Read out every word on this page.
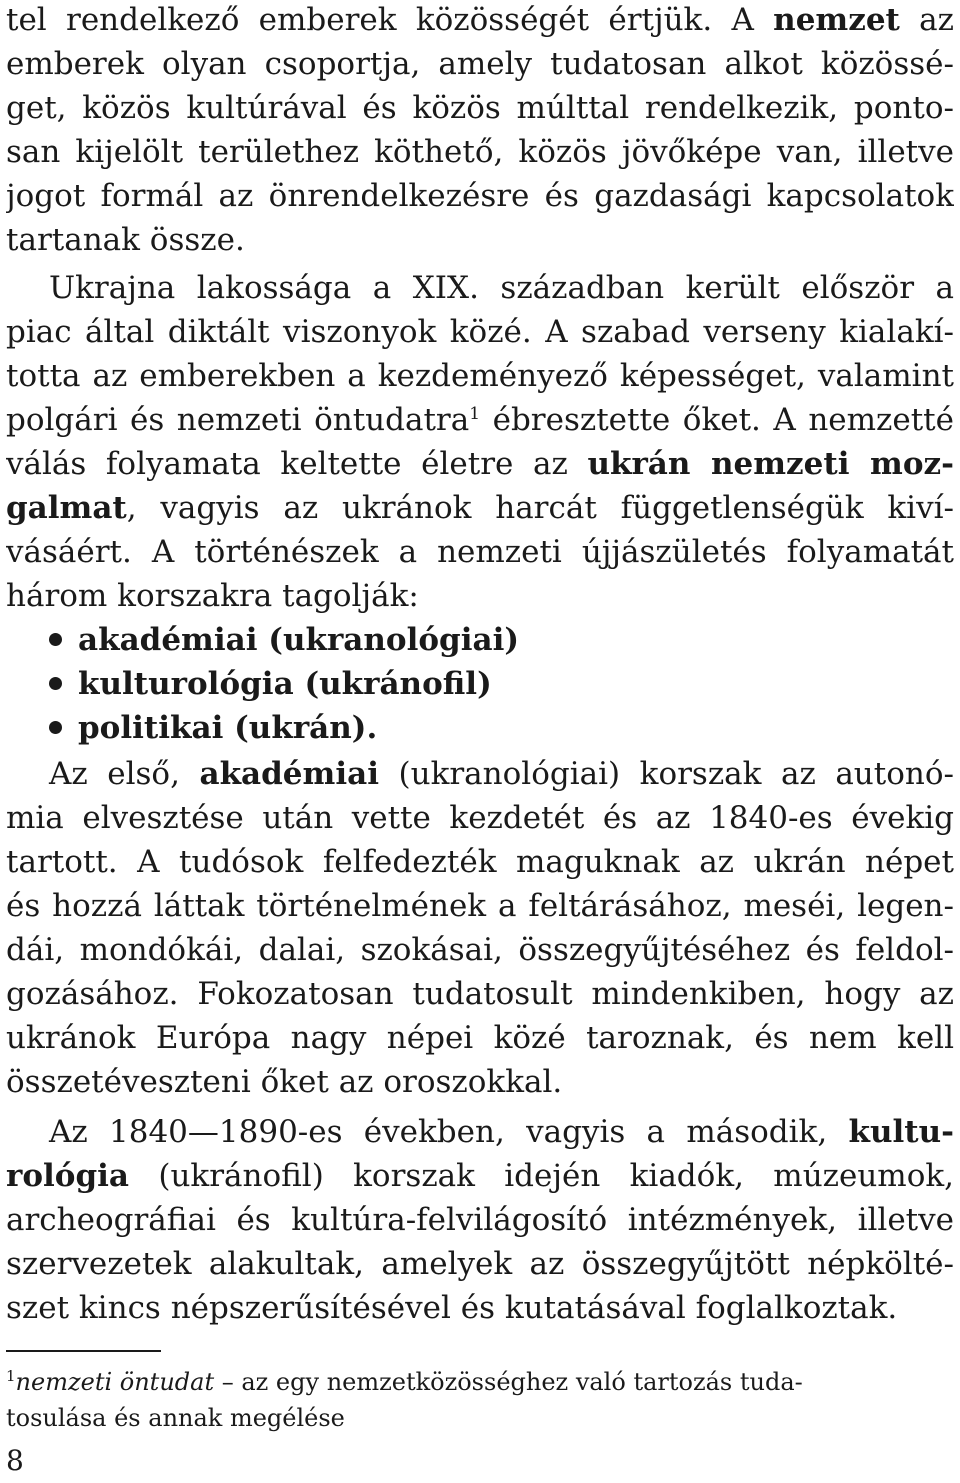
tel rendelkező emberek közösségét értjük. A nemzet az
emberek olyan csoportja, amely tudatosan alkot közössé-
get, közös kultúrával és közös múlttal rendelkezik, ponto-
san kijelölt területhez köthető, közös jövőképe van, illetve
jogot formál az önrendelkezésre és gazdasági kapcsolatok
tartanak össze.
Ukrajna lakossága a XIX. században került először a
piac által diktált viszonyok közé. A szabad verseny kialakí-
totta az emberekben a kezdeményező képességet, valamint
polgári és nemzeti öntudatra$^1$ ébresztette őket. A nemzetté
válás folyamata keltette életre az ukrán nemzeti moz-
galmat, vagyis az ukránok harcát függetlenségük kiví-
vásáért. A történészek a nemzeti újjászületés folyamatát
három korszakra tagolják:
akadémiai (ukranológiai)
kulturológia (ukránofil)
politikai (ukrán).
Az első, akadémiai (ukranológiai) korszak az autonó-
mia elvesztése után vette kezdetét és az 1840-es évekig
tartott. A tudósok felfedezték maguknak az ukrán népet
és hozzá láttak történelmének a feltárásához, meséi, legen-
dái, mondókái, dalai, szokásai, összegyűjtéséhez és feldol-
gozásához. Fokozatosan tudatosult mindenkiben, hogy az
ukránok Európa nagy népei közé taroznak, és nem kell
összetéveszteni őket az oroszokkal.
Az 1840—1890-es években, vagyis a második, kultu-
rológia (ukránofil) korszak idején kiadók, múzeumok,
archeográfiai és kultúra-felvilágosító intézmények, illetve
szervezetek alakultak, amelyek az összegyűjtött népkölté-
szet kincs népszerűsítésével és kutatásával foglalkoztak.
$^1$nemzeti öntudat – az egy nemzetközösséghez való tartozás tuda-
tosulása és annak megélése
8
